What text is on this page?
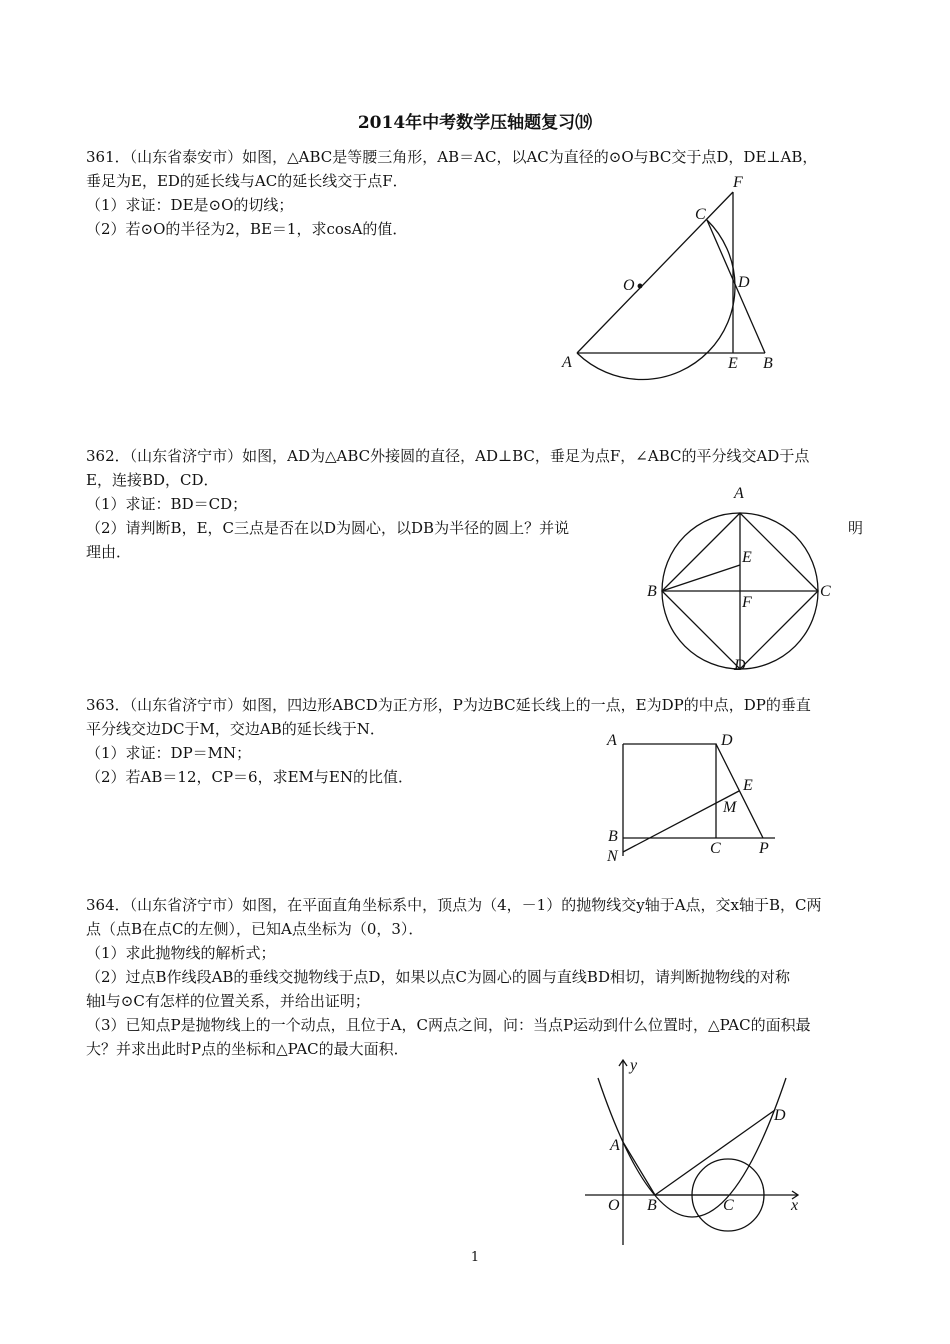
2014年中考数学压轴题复习⒆
361．（山东省泰安市）如图，△ABC是等腰三角形，AB＝AC，以AC为直径的⊙O与BC交于点D，DE⊥AB，
垂足为E，ED的延长线与AC的延长线交于点F．
（1）求证：DE是⊙O的切线；
（2）若⊙O的半径为2，BE＝1，求cosA的值．
A	B
C
D
E
F
O
362．（山东省济宁市）如图，AD为△ABC外接圆的直径，AD⊥BC，垂足为点F，∠ABC的平分线交AD于点
E，连接BD，CD．
（1）求证：BD＝CD；
（2）请判断B，E，C三点是否在以D为圆心，以DB为半径的圆上？并说
理由．
明
A
B	C
D
E
F
363．（山东省济宁市）如图，四边形ABCD为正方形，P为边BC延长线上的一点，E为DP的中点，DP的垂直
平分线交边DC于M，交边AB的延长线于N．
（1）求证：DP＝MN；
（2）若AB＝12，CP＝6，求EM与EN的比值．
A	D
B
N	C P
E
M
364．（山东省济宁市）如图，在平面直角坐标系中，顶点为（4，－1）的抛物线交y轴于A点，交x轴于B，C两
点（点B在点C的左侧），已知A点坐标为（0，3）．
（1）求此抛物线的解析式；
（2）过点B作线段AB的垂线交抛物线于点D，如果以点C为圆心的圆与直线BD相切，请判断抛物线的对称
轴l与⊙C有怎样的位置关系，并给出证明；
（3）已知点P是抛物线上的一个动点，且位于A，C两点之间，问：当点P运动到什么位置时，△PAC的面积最
大？并求出此时P点的坐标和△PAC的最大面积．
y
x
O
A
B	C
D
1
